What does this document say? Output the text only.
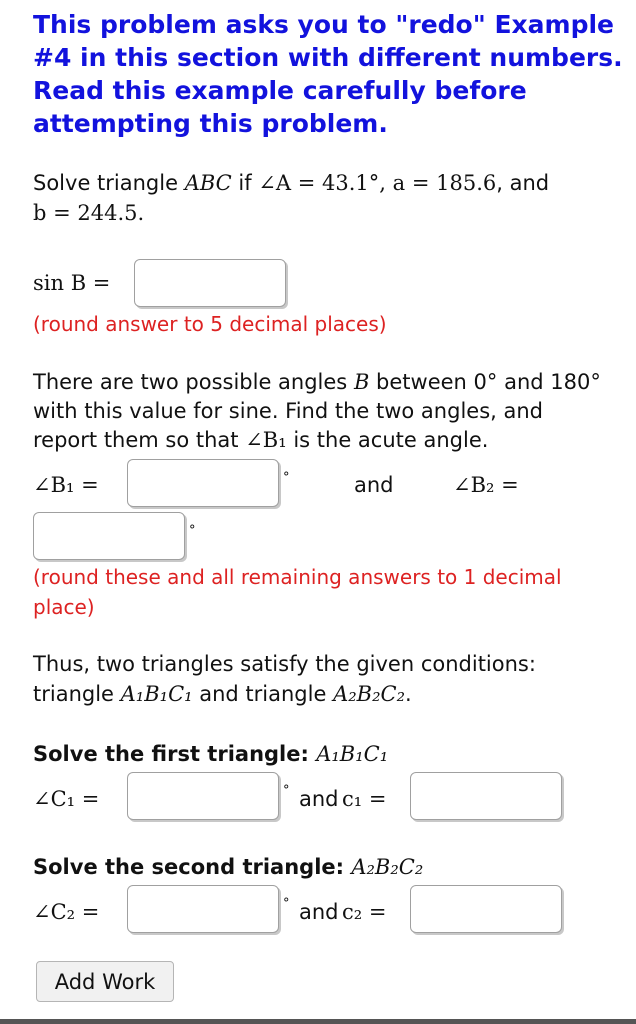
This problem asks you to "redo" Example #4 in this section with different numbers. Read this example carefully before attempting this problem.
Solve triangle ABC if ∠A = 43.1°, a = 185.6, and
b = 244.5.
sin B =
(round answer to 5 decimal places)
There are two possible angles B between 0° and 180°
with this value for sine. Find the two angles, and
report them so that ∠B₁ is the acute angle.
∠B₁ =	°	and	∠B₂ =
°
(round these and all remaining answers to 1 decimal
place)
Thus, two triangles satisfy the given conditions:
triangle A₁B₁C₁ and triangle A₂B₂C₂.
Solve the first triangle: A₁B₁C₁
∠C₁ =	° and c₁ =
Solve the second triangle: A₂B₂C₂
∠C₂ =	° and c₂ =
Add Work
